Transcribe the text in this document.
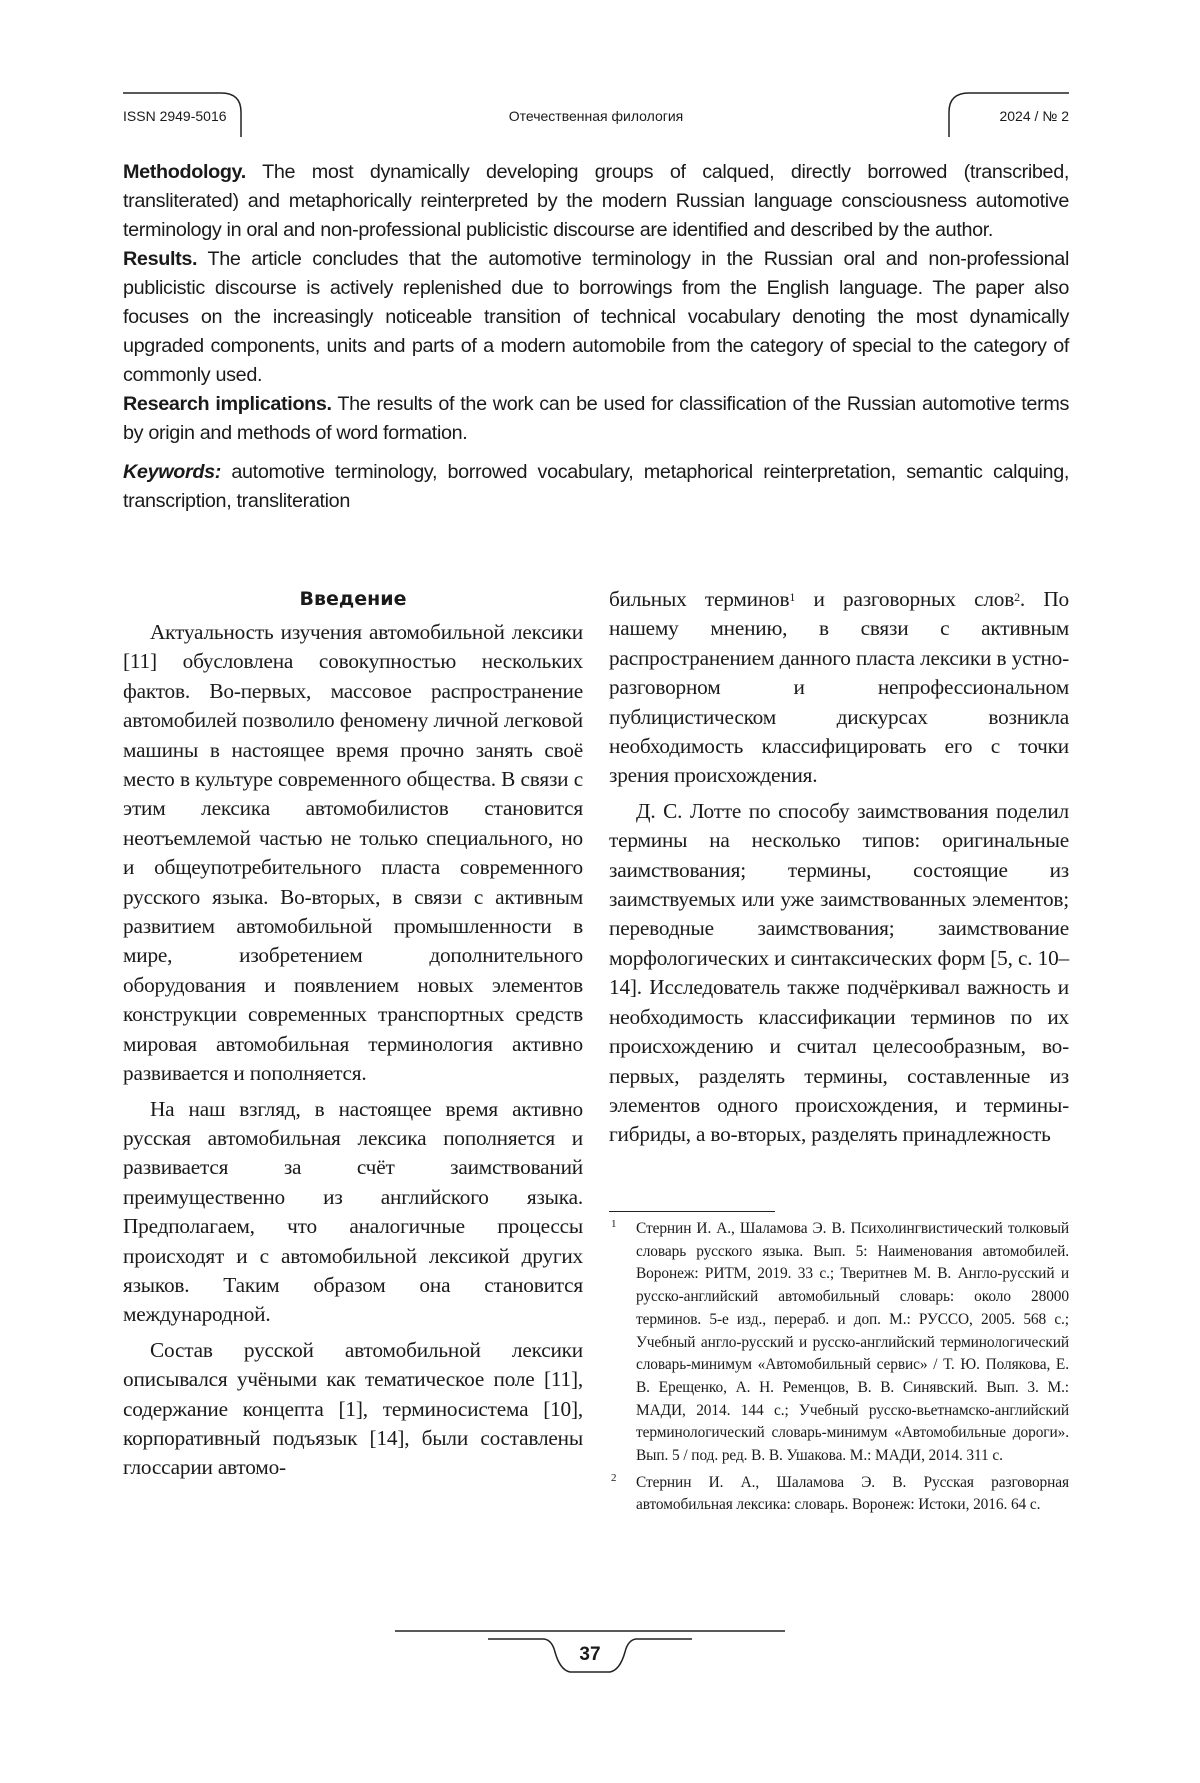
ISSN 2949-5016	Отечественная филология	2024 / № 2

Methodology. The most dynamically developing groups of calqued, directly borrowed (transcribed, transliterated) and metaphorically reinterpreted by the modern Russian language consciousness automotive terminology in oral and non-professional publicistic discourse are identified and described by the author.

Results. The article concludes that the automotive terminology in the Russian oral and non-professional publicistic discourse is actively replenished due to borrowings from the English language. The paper also focuses on the increasingly noticeable transition of technical vocabulary denoting the most dynamically upgraded components, units and parts of a modern automobile from the category of special to the category of commonly used.

Research implications. The results of the work can be used for classification of the Russian automotive terms by origin and methods of word formation.

Keywords: automotive terminology, borrowed vocabulary, metaphorical reinterpretation, semantic calquing, transcription, transliteration

Введение

Актуальность изучения автомобильной лексики [11] обусловлена совокупностью нескольких фактов. Во-первых, массовое распространение автомобилей позволило феномену личной легковой машины в настоящее время прочно занять своё место в культуре современного общества. В связи с этим лексика автомобилистов становится неотъемлемой частью не только специального, но и общеупотребительного пласта современного русского языка. Во-вторых, в связи с активным развитием автомобильной промышленности в мире, изобретением дополнительного оборудования и появлением новых элементов конструкции современных транспортных средств мировая автомобильная терминология активно развивается и пополняется.

На наш взгляд, в настоящее время активно русская автомобильная лексика пополняется и развивается за счёт заимствований преимущественно из английского языка. Предполагаем, что аналогичные процессы происходят и с автомобильной лексикой других языков. Таким образом она становится международной.

Состав русской автомобильной лексики описывался учёными как тематическое поле [11], содержание концепта [1], терминосистема [10], корпоративный подъязык [14], были составлены глоссарии автомо-

бильных терминов$^1$ и разговорных слов$^2$. По нашему мнению, в связи с активным распространением данного пласта лексики в устно-разговорном и непрофессиональном публицистическом дискурсах возникла необходимость классифицировать его с точки зрения происхождения.

Д. С. Лотте по способу заимствования поделил термины на несколько типов: оригинальные заимствования; термины, состоящие из заимствуемых или уже заимствованных элементов; переводные заимствования; заимствование морфологических и синтаксических форм [5, с. 10–14]. Исследователь также подчёркивал важность и необходимость классификации терминов по их происхождению и считал целесообразным, во-первых, разделять термины, составленные из элементов одного происхождения, и термины-гибриды, а во-вторых, разделять принадлежность

1 Стернин И. А., Шаламова Э. В. Психолингвистический толковый словарь русского языка. Вып. 5: Наименования автомобилей. Воронеж: РИТМ, 2019. 33 с.; Тверитнев М. В. Англо-русский и русско-английский автомобильный словарь: около 28000 терминов. 5-е изд., перераб. и доп. М.: РУССО, 2005. 568 с.; Учебный англо-русский и русско-английский терминологический словарь-минимум «Автомобильный сервис» / Т. Ю. Полякова, Е. В. Ерещенко, А. Н. Ременцов, В. В. Синявский. Вып. 3. М.: МАДИ, 2014. 144 с.; Учебный русско-вьетнамско-английский терминологический словарь-минимум «Автомобильные дороги». Вып. 5 / под. ред. В. В. Ушакова. М.: МАДИ, 2014. 311 с.
2 Стернин И. А., Шаламова Э. В. Русская разговорная автомобильная лексика: словарь. Воронеж: Истоки, 2016. 64 с.
37
